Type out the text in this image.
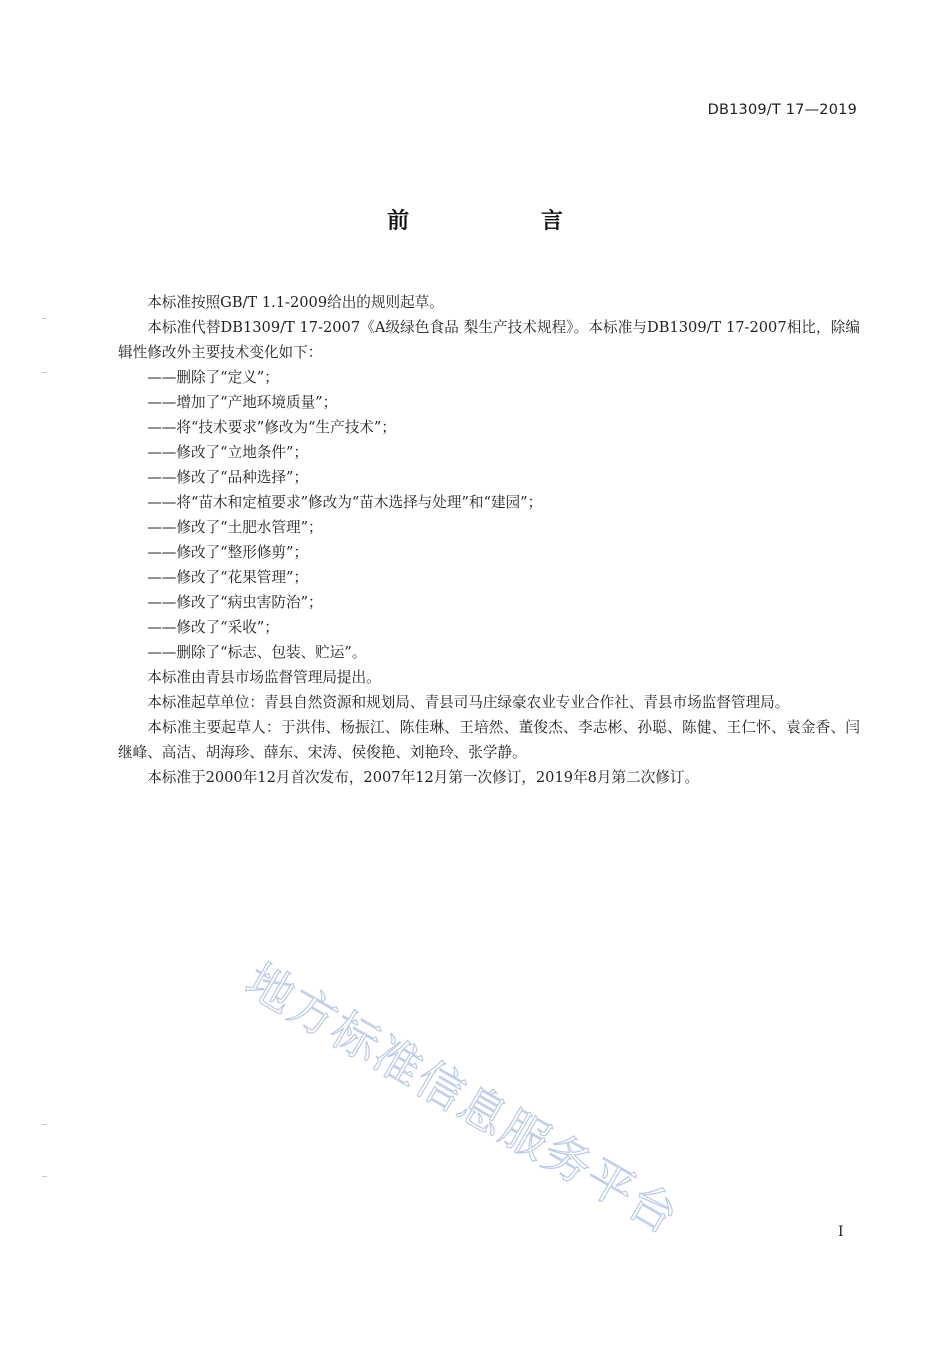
DB1309/T 17—2019
前 言

本标准按照GB/T 1.1-2009给出的规则起草。

本标准代替DB1309/T 17-2007《A级绿色食品 梨生产技术规程》。本标准与DB1309/T 17-2007相比，除编辑性修改外主要技术变化如下：

——删除了“定义”；

——增加了“产地环境质量”；

——将“技术要求”修改为“生产技术”；

——修改了“立地条件”；

——修改了“品种选择”；

——将“苗木和定植要求”修改为“苗木选择与处理”和“建园”；

——修改了“土肥水管理”；

——修改了“整形修剪”；

——修改了“花果管理”；

——修改了“病虫害防治”；

——修改了“采收”；

——删除了“标志、包装、贮运”。

本标准由青县市场监督管理局提出。

本标准起草单位：青县自然资源和规划局、青县司马庄绿豪农业专业合作社、青县市场监督管理局。

本标准主要起草人：于洪伟、杨振江、陈佳琳、王培然、董俊杰、李志彬、孙聪、陈健、王仁怀、袁金香、闫继峰、高洁、胡海珍、薛东、宋涛、侯俊艳、刘艳玲、张学静。

本标准于2000年12月首次发布，2007年12月第一次修订，2019年8月第二次修订。

地方标准信息服务平台	I
